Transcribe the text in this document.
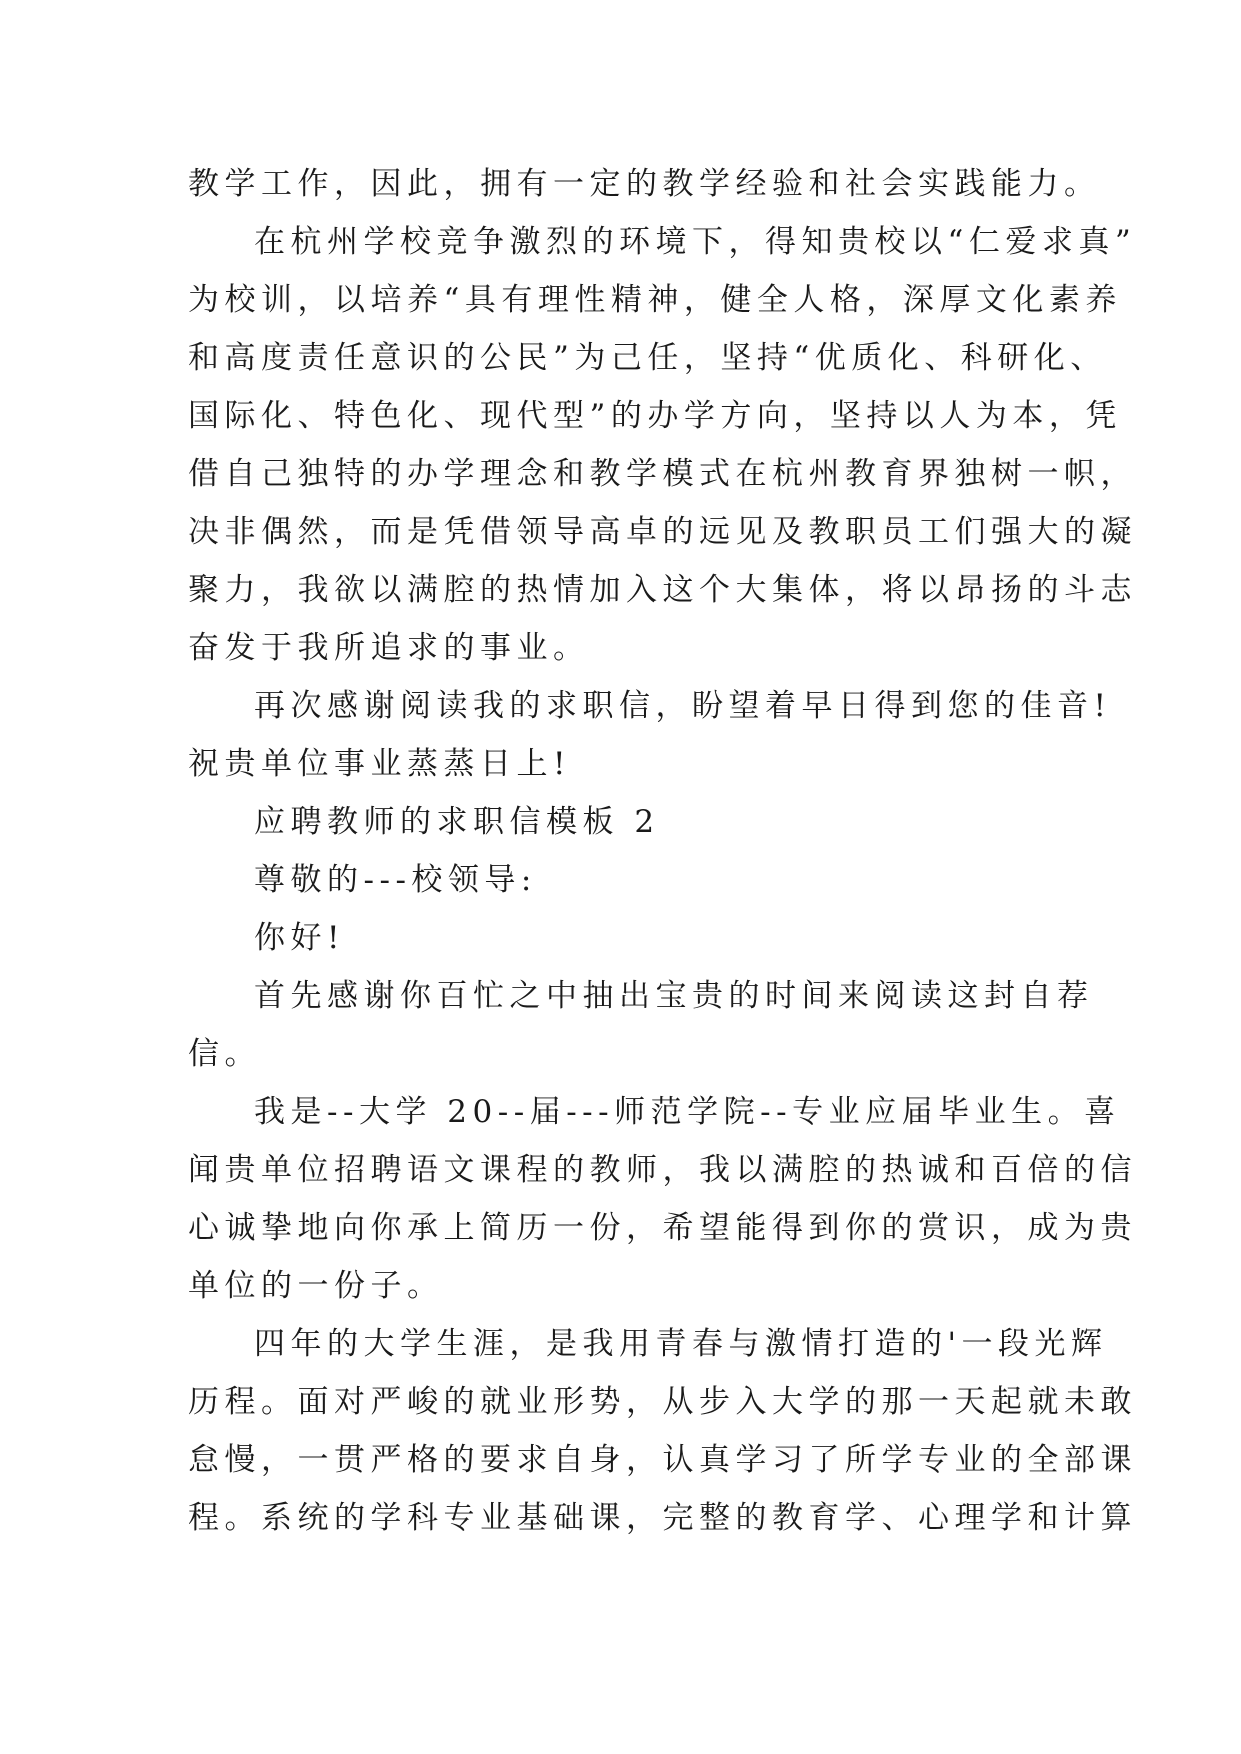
教学工作，因此，拥有一定的教学经验和社会实践能力。
在杭州学校竞争激烈的环境下，得知贵校以“仁爱求真”
为校训，以培养“具有理性精神，健全人格，深厚文化素养
和高度责任意识的公民”为己任，坚持“优质化、科研化、
国际化、特色化、现代型”的办学方向，坚持以人为本，凭
借自己独特的办学理念和教学模式在杭州教育界独树一帜，
决非偶然，而是凭借领导高卓的远见及教职员工们强大的凝
聚力，我欲以满腔的热情加入这个大集体，将以昂扬的斗志
奋发于我所追求的事业。
再次感谢阅读我的求职信，盼望着早日得到您的佳音!
祝贵单位事业蒸蒸日上!
应聘教师的求职信模板 2
尊敬的---校领导:
你好!
首先感谢你百忙之中抽出宝贵的时间来阅读这封自荐
信。
我是--大学 20--届---师范学院--专业应届毕业生。喜
闻贵单位招聘语文课程的教师，我以满腔的热诚和百倍的信
心诚挚地向你承上简历一份，希望能得到你的赏识，成为贵
单位的一份子。
四年的大学生涯，是我用青春与激情打造的'一段光辉
历程。面对严峻的就业形势，从步入大学的那一天起就未敢
怠慢，一贯严格的要求自身，认真学习了所学专业的全部课
程。系统的学科专业基础课，完整的教育学、心理学和计算
